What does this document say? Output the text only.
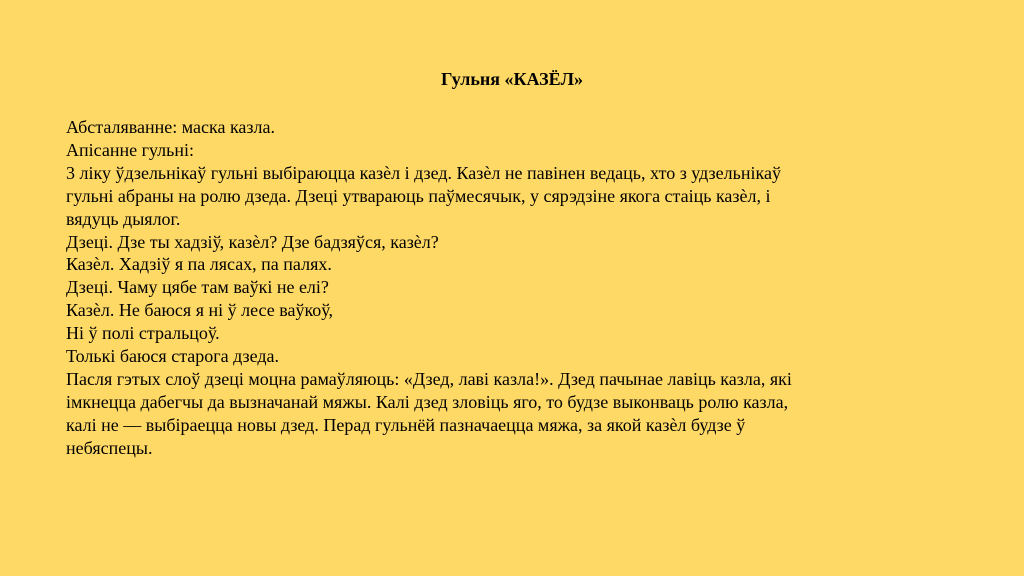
Гульня «КАЗЁЛ»
Абсталяванне: маска казла.
Апісанне гульні:
3 ліку ўдзельнікаў гульні выбіраюцца казѐл і дзед. Казѐл не павінен ведаць, хто з удзельнікаў
гульні абраны на ролю дзеда. Дзеці утвараюць паўмесячык, у сярэдзіне якога стаіць казѐл, і
вядуць дыялог.
Дзеці. Дзе ты хадзіў, казѐл? Дзе бадзяўся, казѐл?
Казѐл. Хадзіў я па лясах, па палях.
Дзеці. Чаму цябе там ваўкі не елі?
Казѐл. Не баюся я ні ў лесе ваўкоў,
Ні ў полі стральцоў.
Толькі баюся старога дзеда.
Пасля гэтых слоў дзеці моцна рамаўляюць: «Дзед, лаві казла!». Дзед пачынае лавіць казла, які
імкнецца дабегчы да вызначанай мяжы. Калі дзед зловіць яго, то будзе выконваць ролю казла,
калі не — выбіраецца новы дзед. Перад гульнёй пазначаецца мяжа, за якой казѐл будзе ў
небяспецы.
